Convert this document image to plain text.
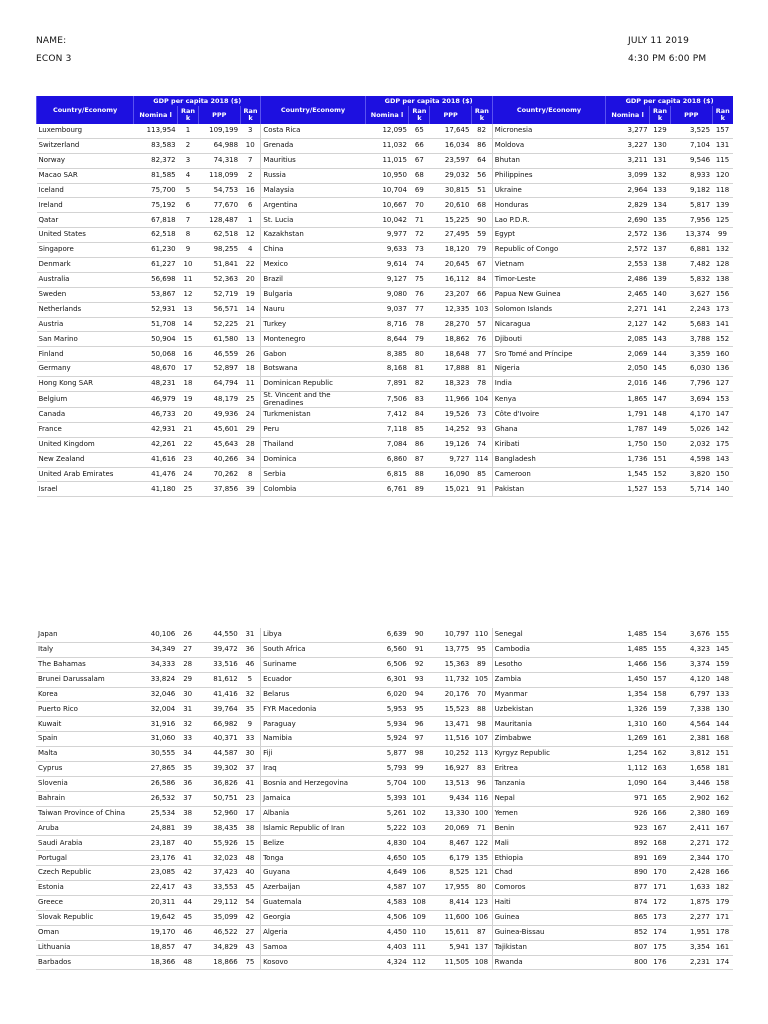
NAME:
ECON 3
JULY 11 2019
4:30 PM 6:00 PM
Country/Economy	GDP per capita 2018 ($)				Country/Economy	GDP per capita 2018 ($)				Country/Economy	GDP per capita 2018 ($)			
	Nomina l	Ran k	PPP	Ran k		Nomina l	Ran k	PPP	Ran k		Nomina l	Ran k	PPP	Ran k
Luxembourg	113,954	1	109,199	3	Costa Rica	12,095	65	17,645	82	Micronesia	3,277	129	3,525	157
Switzerland	83,583	2	64,988	10	Grenada	11,032	66	16,034	86	Moldova	3,227	130	7,104	131
Norway	82,372	3	74,318	7	Mauritius	11,015	67	23,597	64	Bhutan	3,211	131	9,546	115
Macao SAR	81,585	4	118,099	2	Russia	10,950	68	29,032	56	Philippines	3,099	132	8,933	120
Iceland	75,700	5	54,753	16	Malaysia	10,704	69	30,815	51	Ukraine	2,964	133	9,182	118
Ireland	75,192	6	77,670	6	Argentina	10,667	70	20,610	68	Honduras	2,829	134	5,817	139
Qatar	67,818	7	128,487	1	St. Lucia	10,042	71	15,225	90	Lao P.D.R.	2,690	135	7,956	125
United States	62,518	8	62,518	12	Kazakhstan	9,977	72	27,495	59	Egypt	2,572	136	13,374	99
Singapore	61,230	9	98,255	4	China	9,633	73	18,120	79	Republic of Congo	2,572	137	6,881	132
Denmark	61,227	10	51,841	22	Mexico	9,614	74	20,645	67	Vietnam	2,553	138	7,482	128
Australia	56,698	11	52,363	20	Brazil	9,127	75	16,112	84	Timor-Leste	2,486	139	5,832	138
Sweden	53,867	12	52,719	19	Bulgaria	9,080	76	23,207	66	Papua New Guinea	2,465	140	3,627	156
Netherlands	52,931	13	56,571	14	Nauru	9,037	77	12,335	103	Solomon Islands	2,271	141	2,243	173
Austria	51,708	14	52,225	21	Turkey	8,716	78	28,270	57	Nicaragua	2,127	142	5,683	141
San Marino	50,904	15	61,580	13	Montenegro	8,644	79	18,862	76	Djibouti	2,085	143	3,788	152
Finland	50,068	16	46,559	26	Gabon	8,385	80	18,648	77	Sro Tomé and Príncipe	2,069	144	3,359	160
Germany	48,670	17	52,897	18	Botswana	8,168	81	17,888	81	Nigeria	2,050	145	6,030	136
Hong Kong SAR	48,231	18	64,794	11	Dominican Republic	7,891	82	18,323	78	India	2,016	146	7,796	127
Belgium	46,979	19	48,179	25	St. Vincent and the Grenadines	7,506	83	11,966	104	Kenya	1,865	147	3,694	153
Canada	46,733	20	49,936	24	Turkmenistan	7,412	84	19,526	73	Côte d'Ivoire	1,791	148	4,170	147
France	42,931	21	45,601	29	Peru	7,118	85	14,252	93	Ghana	1,787	149	5,026	142
United Kingdom	42,261	22	45,643	28	Thailand	7,084	86	19,126	74	Kiribati	1,750	150	2,032	175
New Zealand	41,616	23	40,266	34	Dominica	6,860	87	9,727	114	Bangladesh	1,736	151	4,598	143
United Arab Emirates	41,476	24	70,262	8	Serbia	6,815	88	16,090	85	Cameroon	1,545	152	3,820	150
Israel	41,180	25	37,856	39	Colombia	6,761	89	15,021	91	Pakistan	1,527	153	5,714	140
Japan	40,106	26	44,550	31	Libya	6,639	90	10,797	110	Senegal	1,485	154	3,676	155
Italy	34,349	27	39,472	36	South Africa	6,560	91	13,775	95	Cambodia	1,485	155	4,323	145
The Bahamas	34,333	28	33,516	46	Suriname	6,506	92	15,363	89	Lesotho	1,466	156	3,374	159
Brunei Darussalam	33,824	29	81,612	5	Ecuador	6,301	93	11,732	105	Zambia	1,450	157	4,120	148
Korea	32,046	30	41,416	32	Belarus	6,020	94	20,176	70	Myanmar	1,354	158	6,797	133
Puerto Rico	32,004	31	39,764	35	FYR Macedonia	5,953	95	15,523	88	Uzbekistan	1,326	159	7,338	130
Kuwait	31,916	32	66,982	9	Paraguay	5,934	96	13,471	98	Mauritania	1,310	160	4,564	144
Spain	31,060	33	40,371	33	Namibia	5,924	97	11,516	107	Zimbabwe	1,269	161	2,381	168
Malta	30,555	34	44,587	30	Fiji	5,877	98	10,252	113	Kyrgyz Republic	1,254	162	3,812	151
Cyprus	27,865	35	39,302	37	Iraq	5,793	99	16,927	83	Eritrea	1,112	163	1,658	181
Slovenia	26,586	36	36,826	41	Bosnia and Herzegovina	5,704	100	13,513	96	Tanzania	1,090	164	3,446	158
Bahrain	26,532	37	50,751	23	Jamaica	5,393	101	9,434	116	Nepal	971	165	2,902	162
Taiwan Province of China	25,534	38	52,960	17	Albania	5,261	102	13,330	100	Yemen	926	166	2,380	169
Aruba	24,881	39	38,435	38	Islamic Republic of Iran	5,222	103	20,069	71	Benin	923	167	2,411	167
Saudi Arabia	23,187	40	55,926	15	Belize	4,830	104	8,467	122	Mali	892	168	2,271	172
Portugal	23,176	41	32,023	48	Tonga	4,650	105	6,179	135	Ethiopia	891	169	2,344	170
Czech Republic	23,085	42	37,423	40	Guyana	4,649	106	8,525	121	Chad	890	170	2,428	166
Estonia	22,417	43	33,553	45	Azerbaijan	4,587	107	17,955	80	Comoros	877	171	1,633	182
Greece	20,311	44	29,112	54	Guatemala	4,583	108	8,414	123	Haiti	874	172	1,875	179
Slovak Republic	19,642	45	35,099	42	Georgia	4,506	109	11,600	106	Guinea	865	173	2,277	171
Oman	19,170	46	46,522	27	Algeria	4,450	110	15,611	87	Guinea-Bissau	852	174	1,951	178
Lithuania	18,857	47	34,829	43	Samoa	4,403	111	5,941	137	Tajikistan	807	175	3,354	161
Barbados	18,366	48	18,866	75	Kosovo	4,324	112	11,505	108	Rwanda	800	176	2,231	174
